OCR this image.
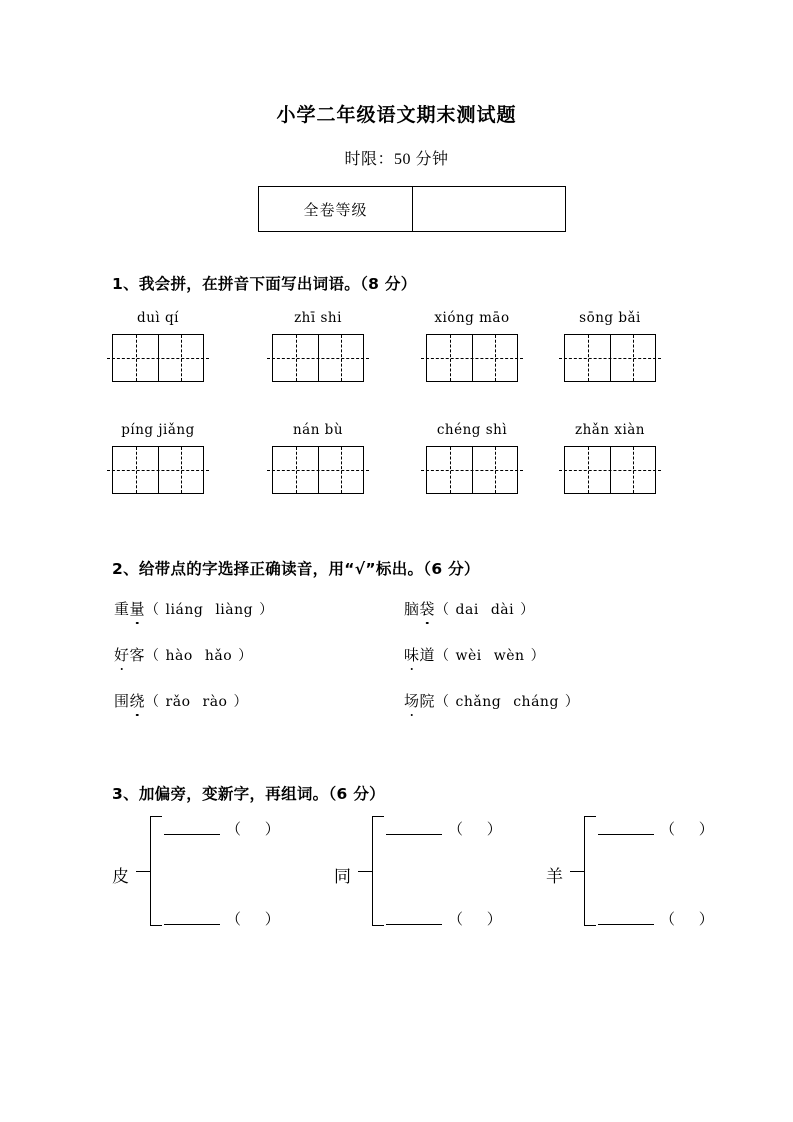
小学二年级语文期末测试题
时限：50 分钟
全卷等级
1、我会拼，在拼音下面写出词语。（8 分）
duì qí	zhī shi	xióng māo	sōng bǎi
píng jiǎng	nán bù	chéng shì	zhǎn xiàn
2、给带点的字选择正确读音，用“√”标出。（6 分）
重量（ liáng liàng ）	脑袋（ dai dài ）
好客（ hào hǎo ）	味道（ wèi wèn ）
围绕（ rǎo rào ）	场院（ chǎng cháng ）
3、加偏旁，变新字，再组词。（6 分）
皮
（ ）
（ ）
同
（ ）
（ ）
羊
（ ）
（ ）
